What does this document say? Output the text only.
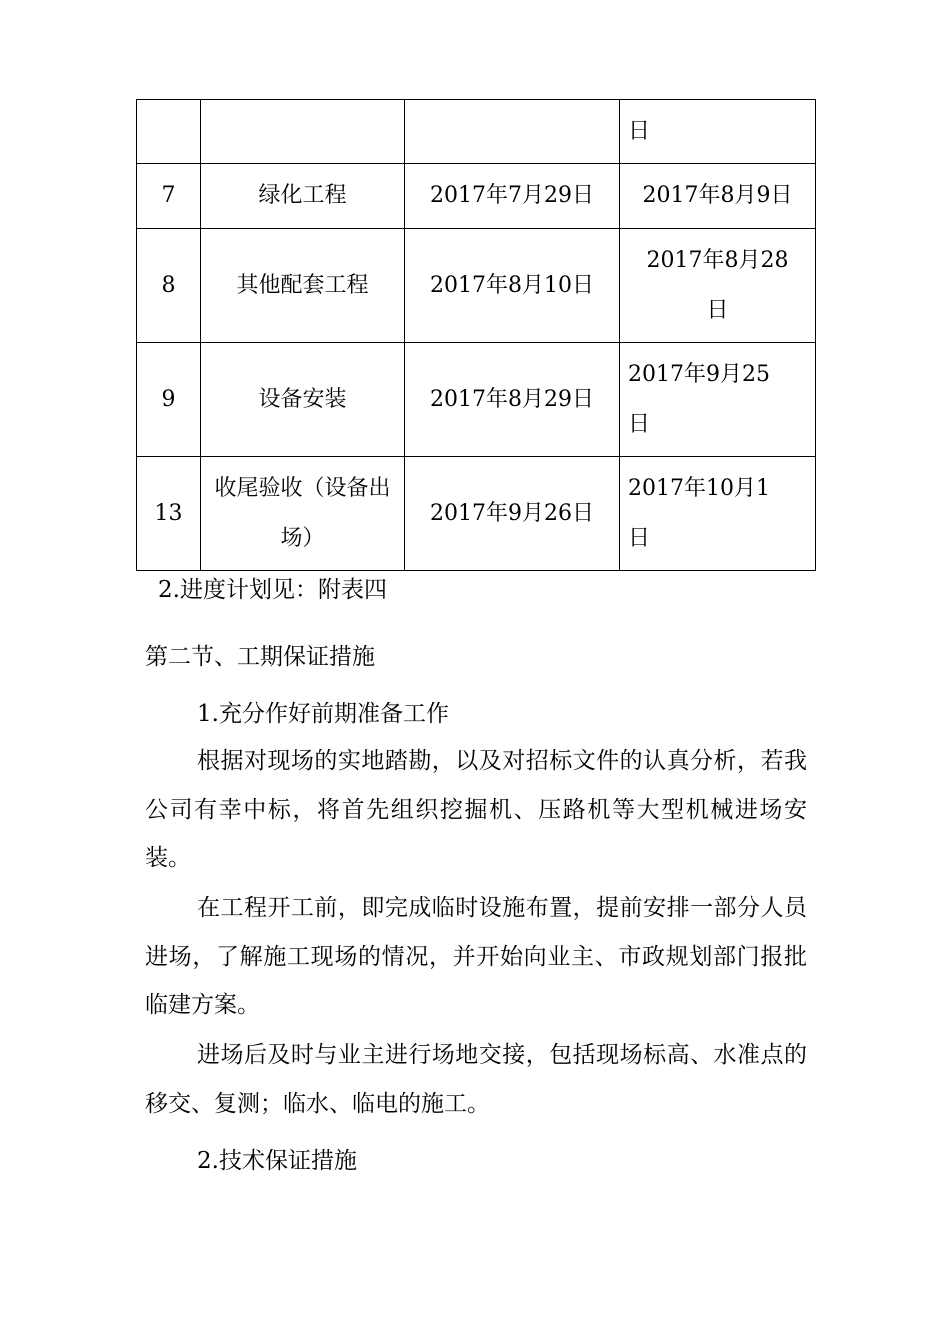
			日

7	绿化工程	2017年7月29日	2017年8月9日
8	其他配套工程	2017年8月10日	2017年8月28
日

9	设备安装	2017年8月29日	2017年9月25
日

13	收尾验收（设备出场）	2017年9月26日	2017年10月1
日
2.进度计划见：附表四
第二节、工期保证措施
1.充分作好前期准备工作

根据对现场的实地踏勘，以及对招标文件的认真分析，若我公司有幸中标，将首先组织挖掘机、压路机等大型机械进场安装。

在工程开工前，即完成临时设施布置，提前安排一部分人员进场，了解施工现场的情况，并开始向业主、市政规划部门报批临建方案。

进场后及时与业主进行场地交接，包括现场标高、水准点的移交、复测；临水、临电的施工。

2.技术保证措施
